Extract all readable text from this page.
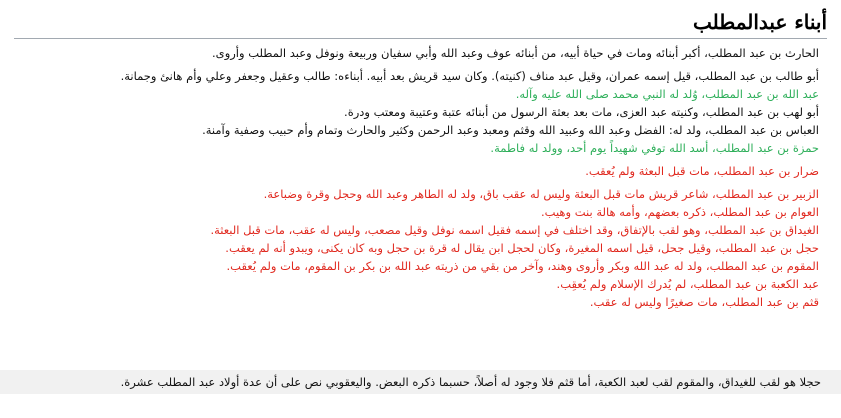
أبناء عبدالمطلب
الحارث بن عبد المطلب، أكبر أبنائه ومات في حياة أبيه، من أبنائه عوف وعبد الله وأبي سفيان وربيعة ونوفل وعبد المطلب وأروى.
أبو طالب بن عبد المطلب، قيل إسمه عمران، وقيل عبد مناف (كنيته). وكان سيد قريش بعد أبيه. أبناءه: طالب وعقيل وجعفر وعلي وأم هانئ وجمانة.
عبد الله بن عبد المطلب، وُلد له النبي محمد صلى الله عليه وآله.
أبو لهب بن عبد المطلب، وكنيته عبد العزى، مات بعد بعثة الرسول من أبنائه عتبة وعتيبة ومعتب ودرة.
العباس بن عبد المطلب، ولد له: الفضل وعبد الله وعبيد الله وقثم ومعبد وعبد الرحمن وكثير والحارث وتمام وأم حبيب وصفية وآمنة.
حمزة بن عبد المطلب، أسد الله توفي شهيداً يوم أحد، وولد له فاطمة.
ضرار بن عبد المطلب، مات قبل البعثة ولم يُعقب.
الزبير بن عبد المطلب، شاعر قريش مات قبل البعثة وليس له عقب باق، ولد له الطاهر وعبد الله وحجل وقرة وضباعة.
العوام بن عبد المطلب، ذكره بعضهم، وأمه هالة بنت وهيب.
الغيداق بن عبد المطلب، وهو لقب بالإتفاق، وقد اختلف في إسمه فقيل اسمه نوفل وقيل مصعب، وليس له عقب، مات قبل البعثة.
حجل بن عبد المطلب، وقيل جحل، قيل اسمه المغيرة، وكان لحجل ابن يقال له قرة بن حجل وبه كان يكنى، ويبدو أنه لم يعقب.
المقوم بن عبد المطلب، ولد له عبد الله وبكر وأروى وهند، وآخر من بقي من ذريته عبد الله بن بكر بن المقوم، مات ولم يُعقب.
عبد الكعبة بن عبد المطلب، لم يُدرك الإسلام ولم يُعقِب.
قثم بن عبد المطلب، مات صغيرًا وليس له عقب.
حجلا هو لقب للغيداق، والمقوم لقب لعبد الكعبة، أما قثم فلا وجود له أصلاً، حسبما ذكره البعض. واليعقوبي نص على أن عدة أولاد عبد المطلب عشرة.
